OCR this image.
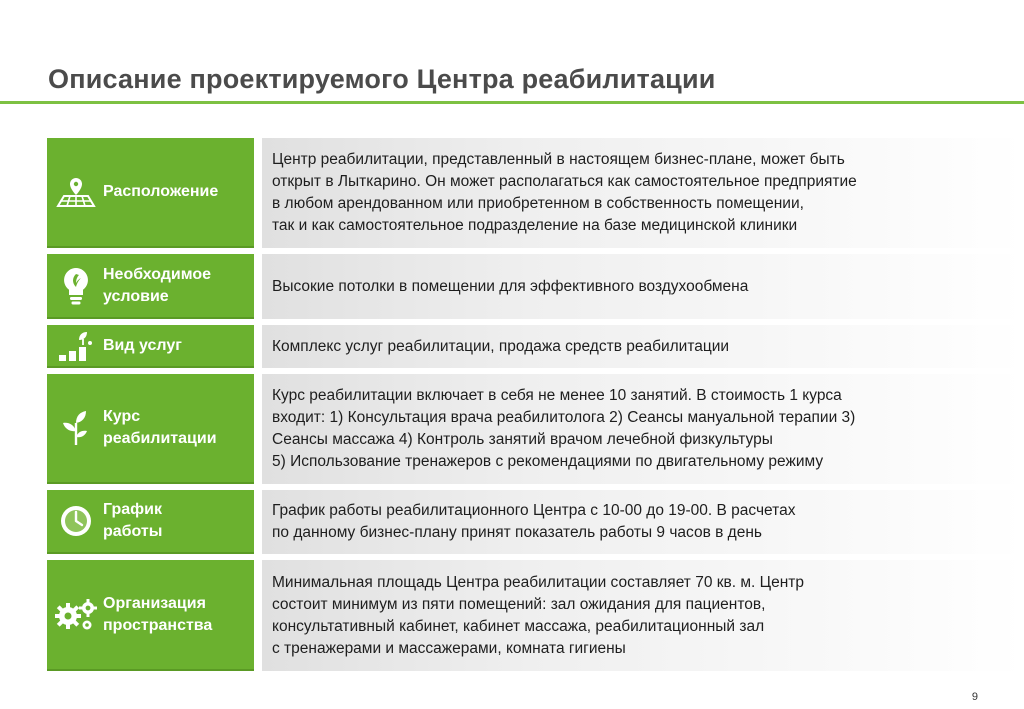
Описание проектируемого Центра реабилитации
Расположение
Центр реабилитации, представленный в настоящем бизнес-плане, может быть
открыт в Лыткарино. Он может располагаться как самостоятельное предприятие
в любом арендованном или приобретенном в собственность помещении,
так и как самостоятельное подразделение на базе медицинской клиники
Необходимое
условие
Высокие потолки в помещении для эффективного воздухообмена
Вид услуг	Комплекс услуг реабилитации, продажа средств реабилитации
Курс
реабилитации
Курс реабилитации включает в себя не менее 10 занятий. В стоимость 1 курса
входит: 1) Консультация врача реабилитолога 2) Сеансы мануальной терапии 3)
Сеансы массажа 4) Контроль занятий врачом лечебной физкультуры
5) Использование тренажеров с рекомендациями по двигательному режиму
График
работы
График работы реабилитационного Центра с 10-00 до 19-00. В расчетах
по данному бизнес-плану принят показатель работы 9 часов в день
Организация
пространства
Минимальная площадь Центра реабилитации составляет 70 кв. м. Центр
состоит минимум из пяти помещений: зал ожидания для пациентов,
консультативный кабинет, кабинет массажа, реабилитационный зал
с тренажерами и массажерами, комната гигиены
9
